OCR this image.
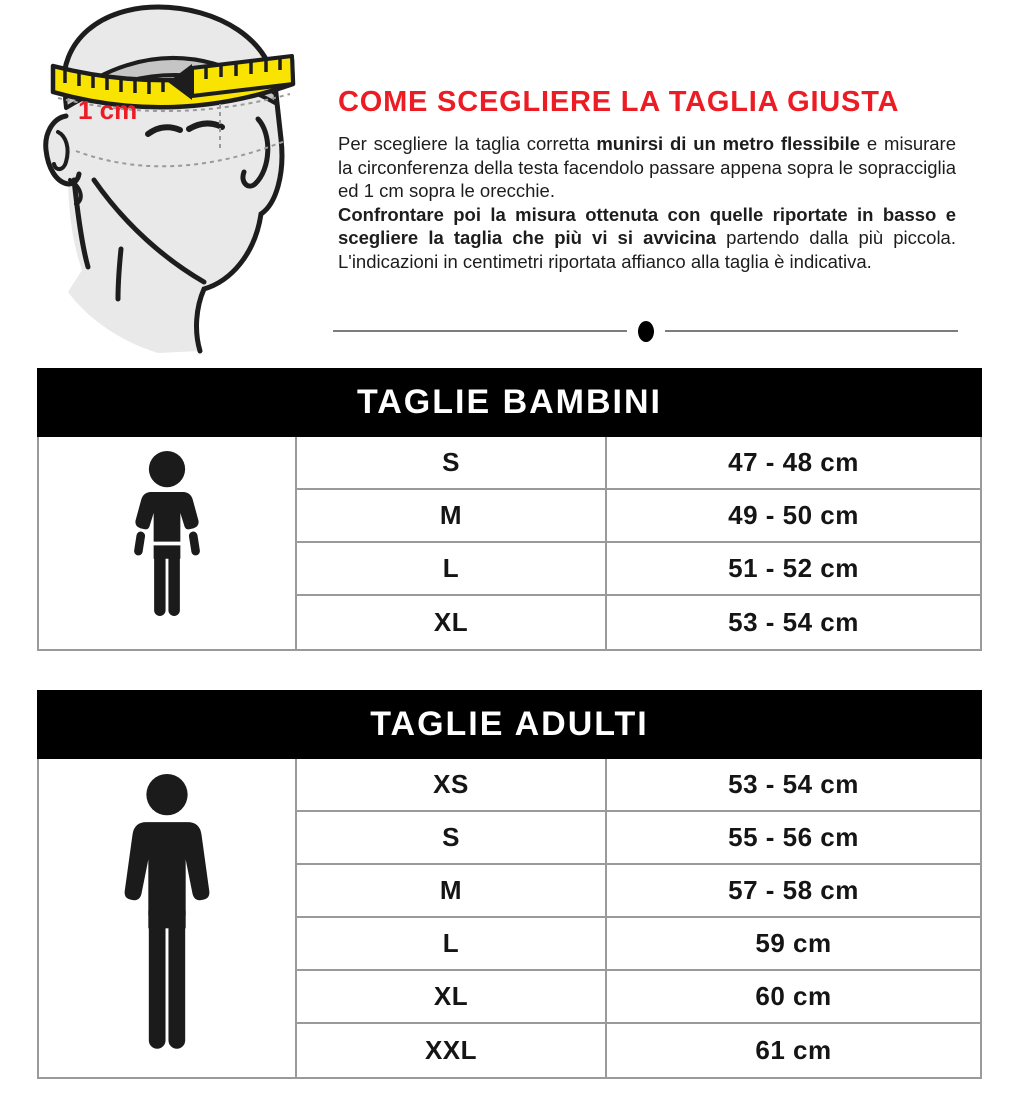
1 cm	COME SCEGLIERE LA TAGLIA GIUSTA

Per scegliere la taglia corretta munirsi di un metro flessibile e misurare la circonferenza della testa facendolo passare appena sopra le sopracciglia ed 1 cm sopra le orecchie.
Confrontare poi la misura ottenuta con quelle riportate in basso e scegliere la taglia che più vi si avvicina partendo dalla più piccola. L'indicazioni in centimetri riportata affianco alla taglia è indicativa.

TAGLIE BAMBINI
S	47 - 48 cm
M	49 - 50 cm
L	51 - 52 cm
XL	53 - 54 cm
TAGLIE ADULTI
XS	53 - 54 cm
S	55 - 56 cm
M	57 - 58 cm
L	59 cm
XL	60 cm
XXL	61 cm
